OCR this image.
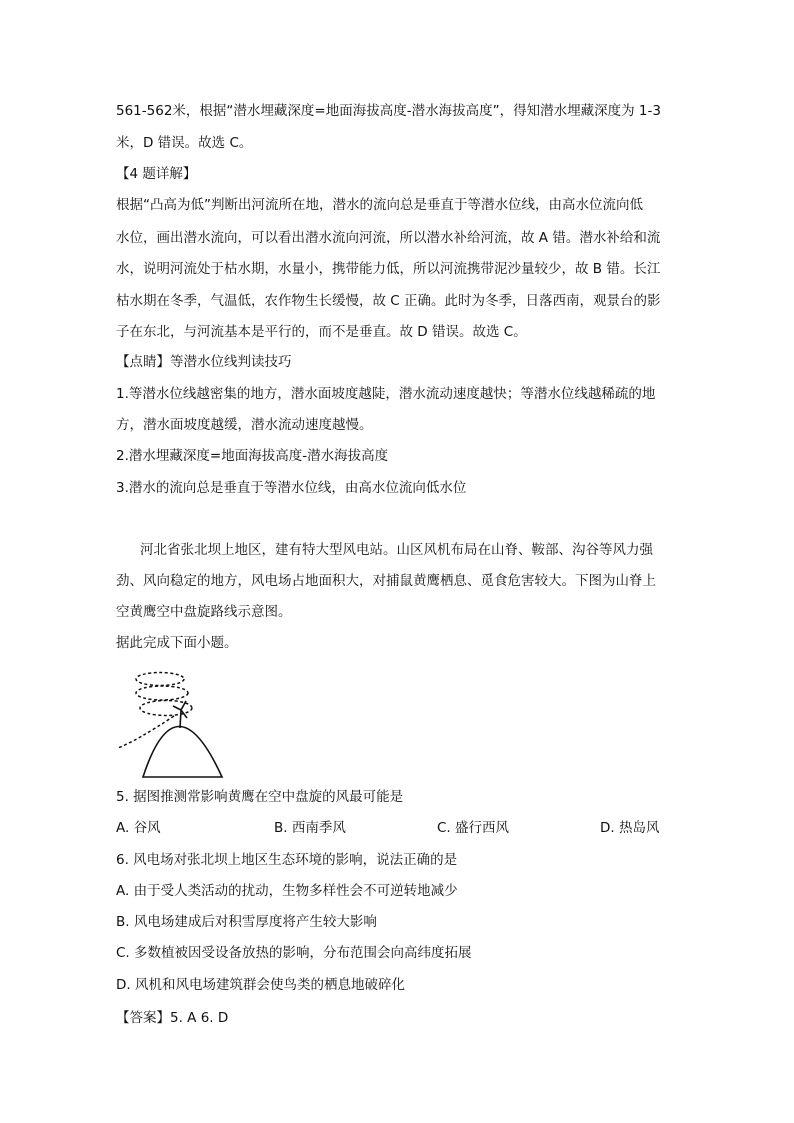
561-562米，根据“潜水埋藏深度=地面海拔高度-潜水海拔高度”，得知潜水埋藏深度为 1-3
米，D 错误。故选 C。
【4 题详解】
根据“凸高为低”判断出河流所在地，潜水的流向总是垂直于等潜水位线，由高水位流向低
水位，画出潜水流向，可以看出潜水流向河流，所以潜水补给河流，故 A 错。潜水补给和流
水，说明河流处于枯水期，水量小，携带能力低，所以河流携带泥沙量较少，故 B 错。长江
枯水期在冬季，气温低，农作物生长缓慢，故 C 正确。此时为冬季，日落西南，观景台的影
子在东北，与河流基本是平行的，而不是垂直。故 D 错误。故选 C。
【点睛】等潜水位线判读技巧
1.等潜水位线越密集的地方，潜水面坡度越陡，潜水流动速度越快；等潜水位线越稀疏的地
方，潜水面坡度越缓，潜水流动速度越慢。
2.潜水埋藏深度=地面海拔高度-潜水海拔高度
3.潜水的流向总是垂直于等潜水位线，由高水位流向低水位
河北省张北坝上地区，建有特大型风电站。山区风机布局在山脊、鞍部、沟谷等风力强
劲、风向稳定的地方，风电场占地面积大，对捕鼠黄鹰栖息、觅食危害较大。下图为山脊上
空黄鹰空中盘旋路线示意图。
据此完成下面小题。
5. 据图推测常影响黄鹰在空中盘旋的风最可能是
A. 谷风	B. 西南季风	C. 盛行西风	D. 热岛风
6. 风电场对张北坝上地区生态环境的影响，说法正确的是
A. 由于受人类活动的扰动，生物多样性会不可逆转地减少
B. 风电场建成后对积雪厚度将产生较大影响
C. 多数植被因受设备放热的影响，分布范围会向高纬度拓展
D. 风机和风电场建筑群会使鸟类的栖息地破碎化
【答案】5. A 6. D
